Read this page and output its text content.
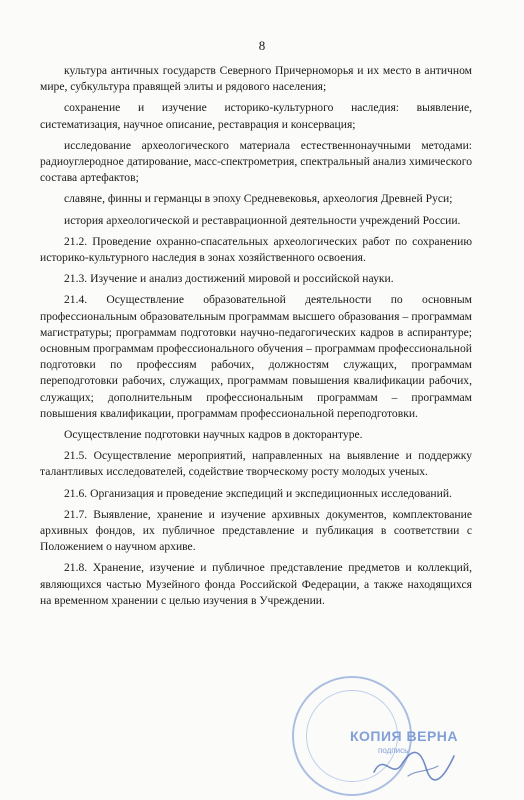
8

культура античных государств Северного Причерноморья и их место в античном мире, субкультура правящей элиты и рядового населения;

сохранение и изучение историко-культурного наследия: выявление, систематизация, научное описание, реставрация и консервация;

исследование археологического материала естественнонаучными методами: радиоуглеродное датирование, масс-спектрометрия, спектральный анализ химического состава артефактов;

славяне, финны и германцы в эпоху Средневековья, археология Древней Руси;

история археологической и реставрационной деятельности учреждений России.

21.2. Проведение охранно-спасательных археологических работ по сохранению историко-культурного наследия в зонах хозяйственного освоения.

21.3. Изучение и анализ достижений мировой и российской науки.

21.4. Осуществление образовательной деятельности по основным профессиональным образовательным программам высшего образования – программам магистратуры; программам подготовки научно-педагогических кадров в аспирантуре; основным программам профессионального обучения – программам профессиональной подготовки по профессиям рабочих, должностям служащих, программам переподготовки рабочих, служащих, программам повышения квалификации рабочих, служащих; дополнительным профессиональным программам – программам повышения квалификации, программам профессиональной переподготовки.

Осуществление подготовки научных кадров в докторантуре.

21.5. Осуществление мероприятий, направленных на выявление и поддержку талантливых исследователей, содействие творческому росту молодых ученых.

21.6. Организация и проведение экспедиций и экспедиционных исследований.

21.7. Выявление, хранение и изучение архивных документов, комплектование архивных фондов, их публичное представление и публикация в соответствии с Положением о научном архиве.

21.8. Хранение, изучение и публичное представление предметов и коллекций, являющихся частью Музейного фонда Российской Федерации, а также находящихся на временном хранении с целью изучения в Учреждении.

КОПИЯ ВЕРНА
подпись
